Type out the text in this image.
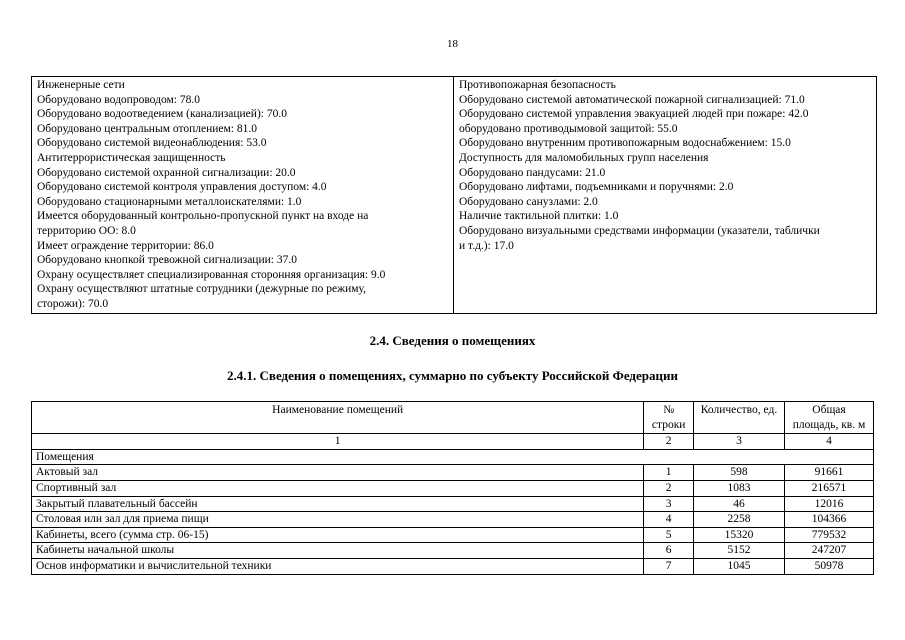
18
Инженерные сети
Оборудовано водопроводом: 78.0
Оборудовано водоотведением (канализацией): 70.0
Оборудовано центральным отоплением: 81.0
Оборудовано системой видеонаблюдения: 53.0
Антитеррористическая защищенность
Оборудовано системой охранной сигнализации: 20.0
Оборудовано системой контроля управления доступом: 4.0
Оборудовано стационарными металлоискателями: 1.0
Имеется оборудованный контрольно-пропускной пункт на входе на
территорию ОО: 8.0
Имеет ограждение территории: 86.0
Оборудовано кнопкой тревожной сигнализации: 37.0
Охрану осуществляет специализированная сторонняя организация: 9.0
Охрану осуществляют штатные сотрудники (дежурные по режиму,
сторожи): 70.0

Противопожарная безопасность
Оборудовано системой автоматической пожарной сигнализацией: 71.0
Оборудовано системой управления эвакуацией людей при пожаре: 42.0
оборудовано противодымовой защитой: 55.0
Оборудовано внутренним противопожарным водоснабжением: 15.0
Доступность для маломобильных групп населения
Оборудовано пандусами: 21.0
Оборудовано лифтами, подъемниками и поручнями: 2.0
Оборудовано санузлами: 2.0
Наличие тактильной плитки: 1.0
Оборудовано визуальными средствами информации (указатели, таблички
и т.д.): 17.0
2.4. Сведения о помещениях
2.4.1. Сведения о помещениях, суммарно по субъекту Российской Федерации
Наименование помещений	№ строки	Количество, ед.	Общая площадь, кв. м
1	2	3	4
Помещения			
Актовый зал	1	598	91661
Спортивный зал	2	1083	216571
Закрытый плавательный бассейн	3	46	12016
Столовая или зал для приема пищи	4	2258	104366
Кабинеты, всего (сумма стр. 06-15)	5	15320	779532
Кабинеты начальной школы	6	5152	247207
Основ информатики и вычислительной техники	7	1045	50978
